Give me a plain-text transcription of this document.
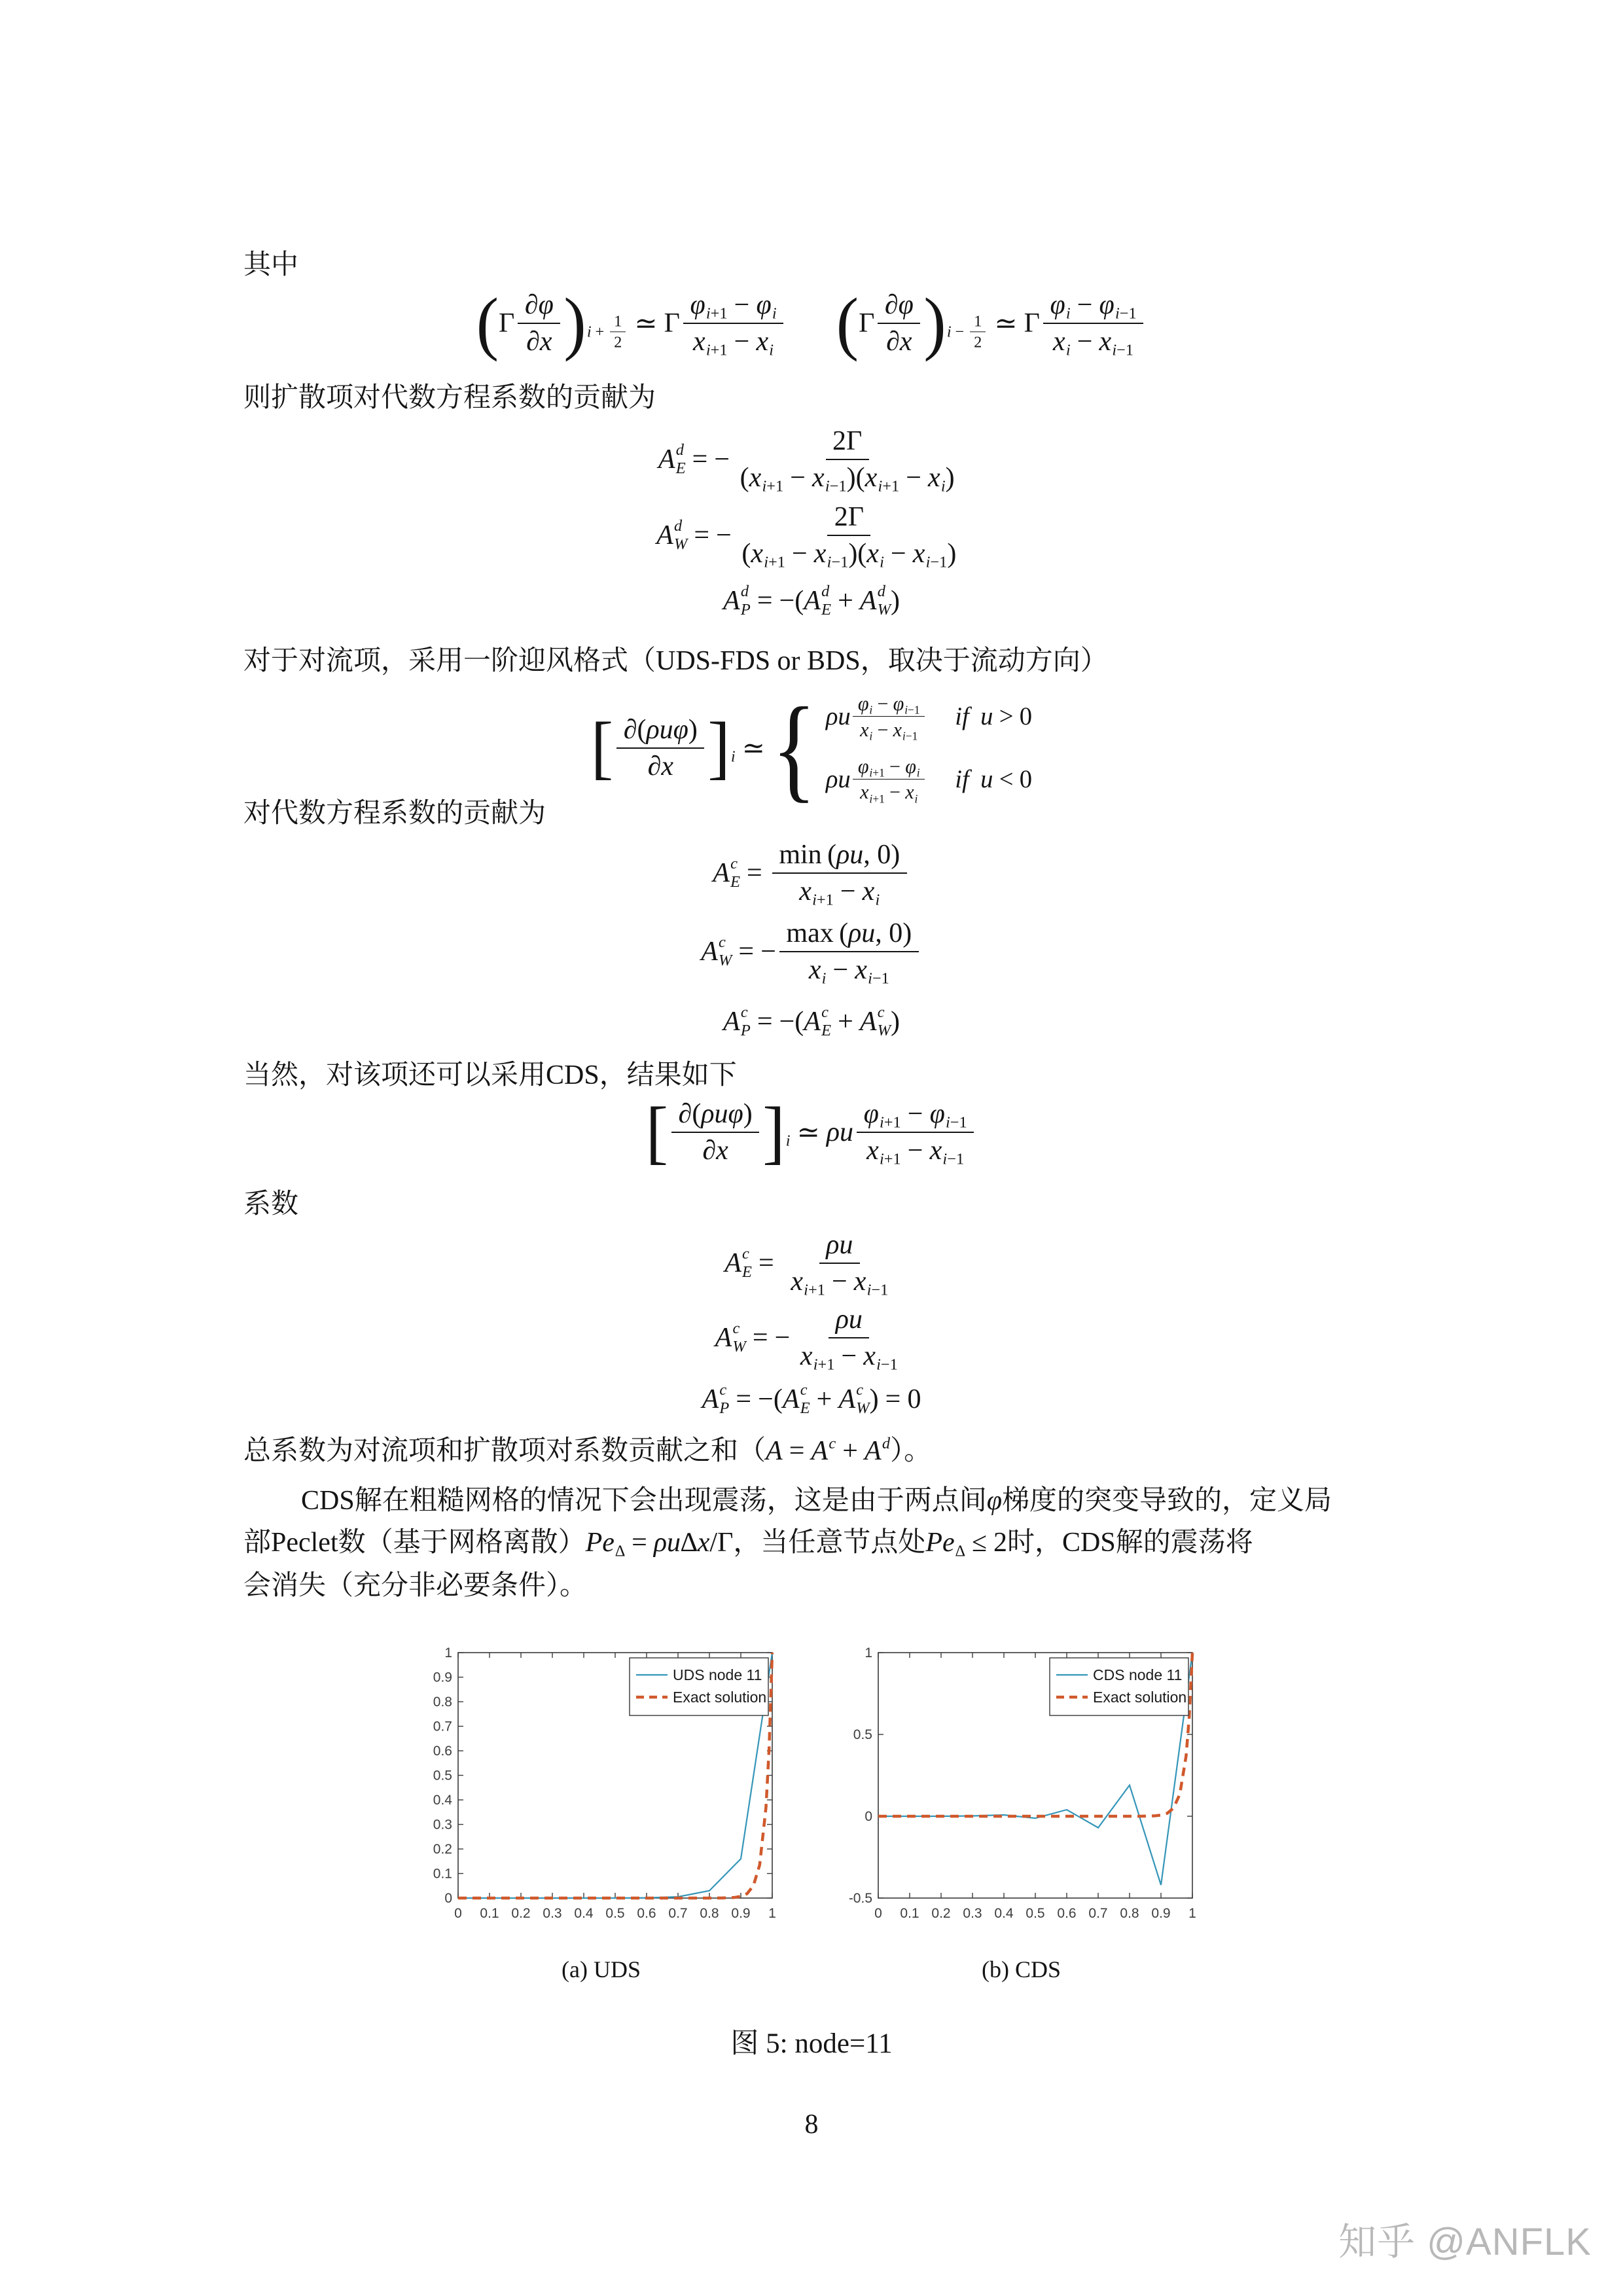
其中
( Γ $\frac{\partial\varphi}{\partial x}$ ) $i + \frac{1}{2}$ ≃ Γ $\frac{\text{φ i +1 − φ i}}{\text{x i +1 − x i}}$ ( Γ $\frac{\partial\varphi}{\partial x}$ ) $i - \frac{1}{2}$ ≃ Γ $\frac{\text{φ i − φ i −1}}{\text{x i − x i −1}}$
则扩散项对代数方程系数的贡献为
A d
E = − $\frac{2\Gamma}{\text{( x i +1 − x i −1 )( x i +1 − x i )}}$
A d
W = − $\frac{2\Gamma}{\text{( x i +1 − x i −1 )( x i − x i −1 )}}$
A d
P = −( A d
E + A d
W )
对于对流项，采用一阶迎风格式（UDS-FDS or BDS，取决于流动方向）
[ $\frac{\text{∂ ( ρuφ )}}{\partial x}$ ] i ≃ { ρu $\frac{\text{φ i − φ i −1}}{\text{x i − x i −1}}$ if u > 0
ρu $\frac{\text{φ i +1 − φ i}}{\text{x i +1 − x i}}$ if u < 0
对代数方程系数的贡献为
A c
$E = \frac{\min ( \rho u , 0)}{\text{x i +1 − x i}}$
A c
W = − $\frac{\max ( \rho u , 0)}{\text{x i − x i −1}}$
A c
P = −( A c
E + A c
W )
当然，对该项还可以采用CDS，结果如下
[ $\frac{\text{∂ ( ρuφ )}}{\partial x}$ ] i ≃ ρu $\frac{\text{φ i +1 − φ i −1}}{\text{x i +1 − x i −1}}$
系数
A c
$E = \frac{\rho u}{\text{x i +1 − x i −1}}$
A c
W = − $\frac{\rho u}{\text{x i +1 − x i −1}}$
A c
P = −( A c
E + A c
W ) = 0
总系数为对流项和扩散项对系数贡献之和（ A = A c + A d ）。
CDS解在粗糙网格的情况下会出现震荡，这是由于两点间 φ 梯度的突变导致的，定义局
部Peclet数（基于网格离散） Pe ∆ = ρu ∆ x /Γ，当任意节点处 Pe ∆ ≤ 2时，CDS解的震荡将
会消失（充分非必要条件）。
0 0.1 0.2 0.3 0.4 0.5 0.6 0.7 0.8 0.9 1
0
0.1
0.2
0.3
0.4
0.5
0.6
0.7
0.8
0.9
1
UDS node 11
Exact solution
0 0.1 0.2 0.3 0.4 0.5 0.6 0.7 0.8 0.9 1
-0.5
0
0.5
1
CDS node 11
Exact solution
(a) UDS	(b) CDS
图 5: node=11
8
知乎 @ANFLK
